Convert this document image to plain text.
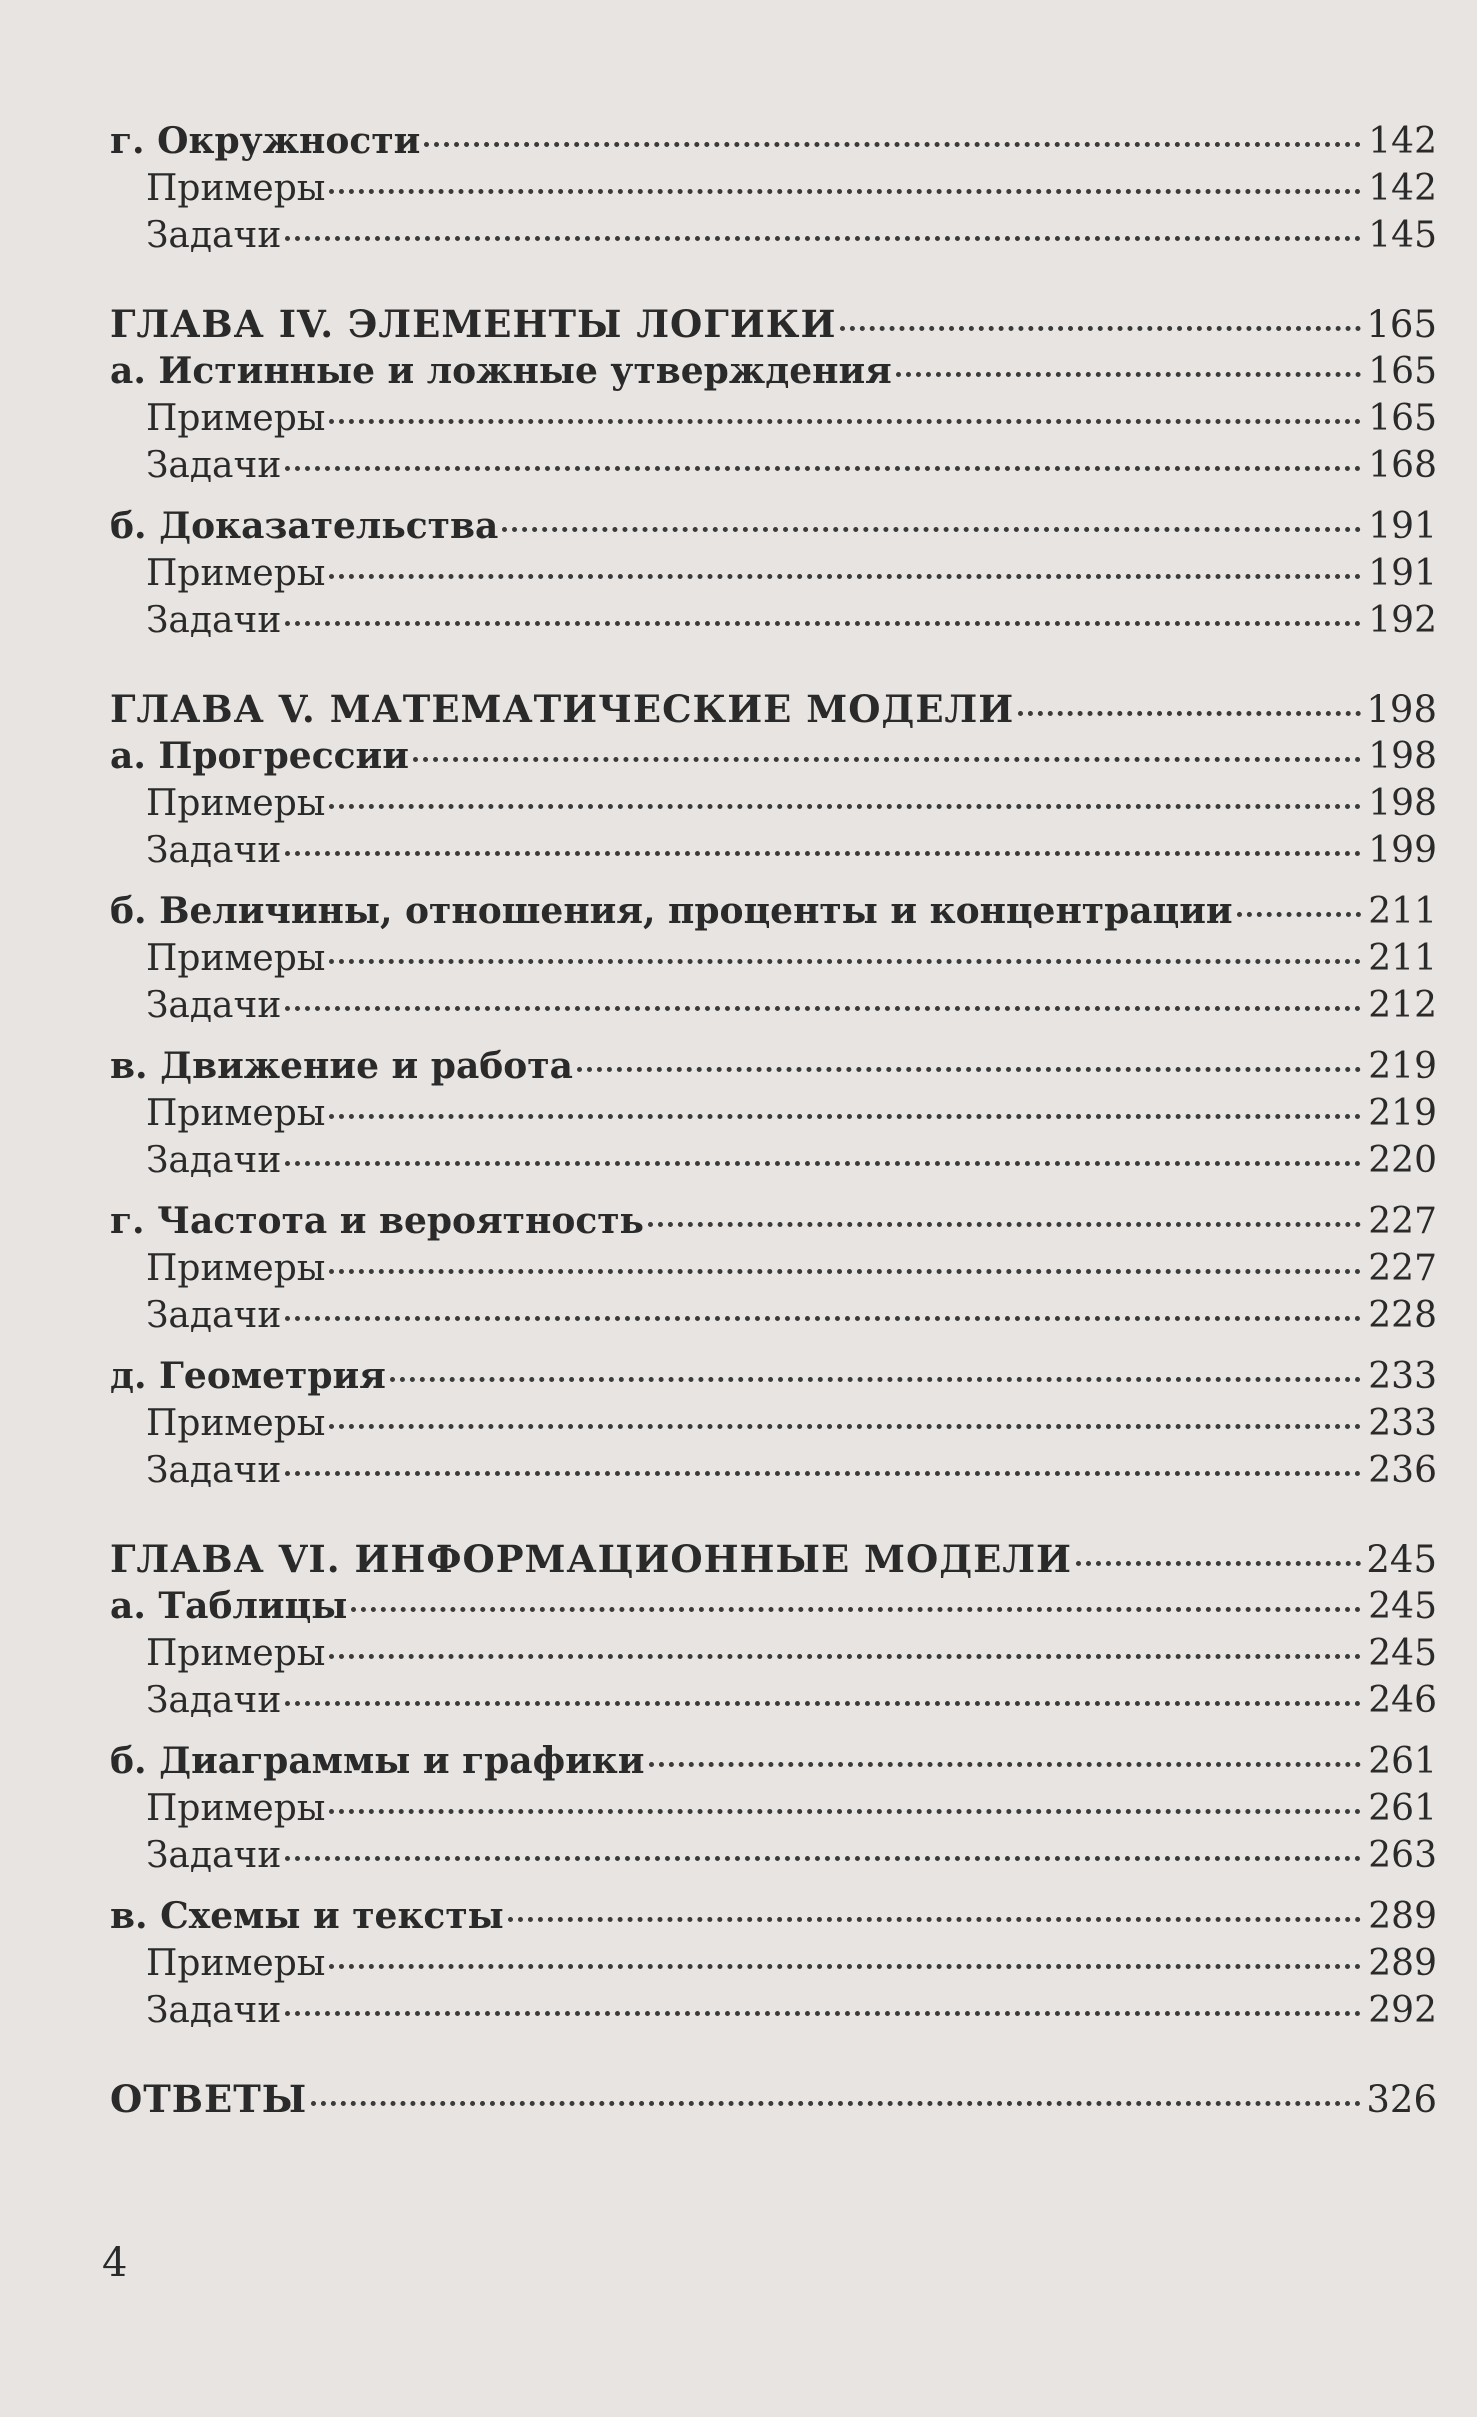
г. Окружности	142
Примеры	142
Задачи	145
ГЛАВА IV. ЭЛЕМЕНТЫ ЛОГИКИ	165
а. Истинные и ложные утверждения	165
Примеры	165
Задачи	168
б. Доказательства	191
Примеры	191
Задачи	192
ГЛАВА V. МАТЕМАТИЧЕСКИЕ МОДЕЛИ	198
а. Прогрессии	198
Примеры	198
Задачи	199
б. Величины, отношения, проценты и концентрации	211
Примеры	211
Задачи	212
в. Движение и работа	219
Примеры	219
Задачи	220
г. Частота и вероятность	227
Примеры	227
Задачи	228
д. Геометрия	233
Примеры	233
Задачи	236
ГЛАВА VI. ИНФОРМАЦИОННЫЕ МОДЕЛИ	245
а. Таблицы	245
Примеры	245
Задачи	246
б. Диаграммы и графики	261
Примеры	261
Задачи	263
в. Схемы и тексты	289
Примеры	289
Задачи	292
ОТВЕТЫ	326
4
